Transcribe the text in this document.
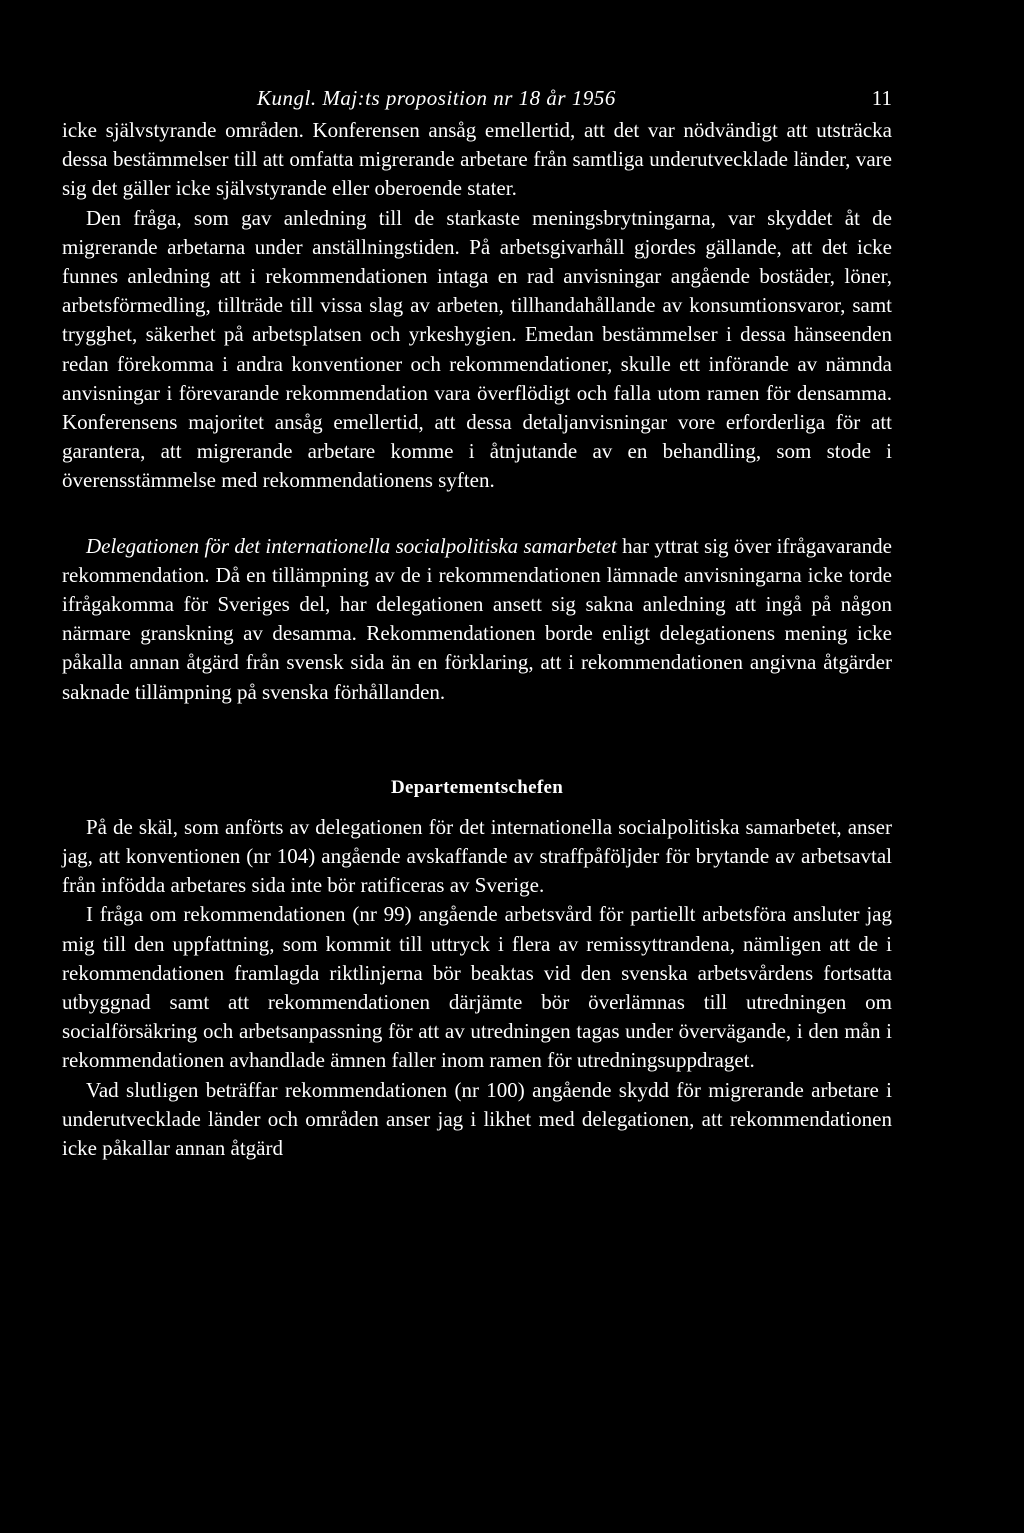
Kungl. Maj:ts proposition nr 18 år 1956	11

icke självstyrande områden. Konferensen ansåg emellertid, att det var nödvändigt att utsträcka dessa bestämmelser till att omfatta migrerande arbetare från samtliga underutvecklade länder, vare sig det gäller icke självstyrande eller oberoende stater.

Den fråga, som gav anledning till de starkaste meningsbrytningarna, var skyddet åt de migrerande arbetarna under anställningstiden. På arbetsgivarhåll gjordes gällande, att det icke funnes anledning att i rekommendationen intaga en rad anvisningar angående bostäder, löner, arbetsförmedling, tillträde till vissa slag av arbeten, tillhandahållande av konsumtionsvaror, samt trygghet, säkerhet på arbetsplatsen och yrkeshygien. Emedan bestämmelser i dessa hänseenden redan förekomma i andra konventioner och rekommendationer, skulle ett införande av nämnda anvisningar i förevarande rekommendation vara överflödigt och falla utom ramen för densamma. Konferensens majoritet ansåg emellertid, att dessa detaljanvisningar vore erforderliga för att garantera, att migrerande arbetare komme i åtnjutande av en behandling, som stode i överensstämmelse med rekommendationens syften.

Delegationen för det internationella socialpolitiska samarbetet har yttrat sig över ifrågavarande rekommendation. Då en tillämpning av de i rekommendationen lämnade anvisningarna icke torde ifrågakomma för Sveriges del, har delegationen ansett sig sakna anledning att ingå på någon närmare granskning av desamma. Rekommendationen borde enligt delegationens mening icke påkalla annan åtgärd från svensk sida än en förklaring, att i rekommendationen angivna åtgärder saknade tillämpning på svenska förhållanden.

Departementschefen

På de skäl, som anförts av delegationen för det internationella socialpolitiska samarbetet, anser jag, att konventionen (nr 104) angående avskaffande av straffpåföljder för brytande av arbetsavtal från infödda arbetares sida inte bör ratificeras av Sverige.

I fråga om rekommendationen (nr 99) angående arbetsvård för partiellt arbetsföra ansluter jag mig till den uppfattning, som kommit till uttryck i flera av remissyttrandena, nämligen att de i rekommendationen framlagda riktlinjerna bör beaktas vid den svenska arbetsvårdens fortsatta utbyggnad samt att rekommendationen därjämte bör överlämnas till utredningen om socialförsäkring och arbetsanpassning för att av utredningen tagas under övervägande, i den mån i rekommendationen avhandlade ämnen faller inom ramen för utredningsuppdraget.

Vad slutligen beträffar rekommendationen (nr 100) angående skydd för migrerande arbetare i underutvecklade länder och områden anser jag i likhet med delegationen, att rekommendationen icke påkallar annan åtgärd
